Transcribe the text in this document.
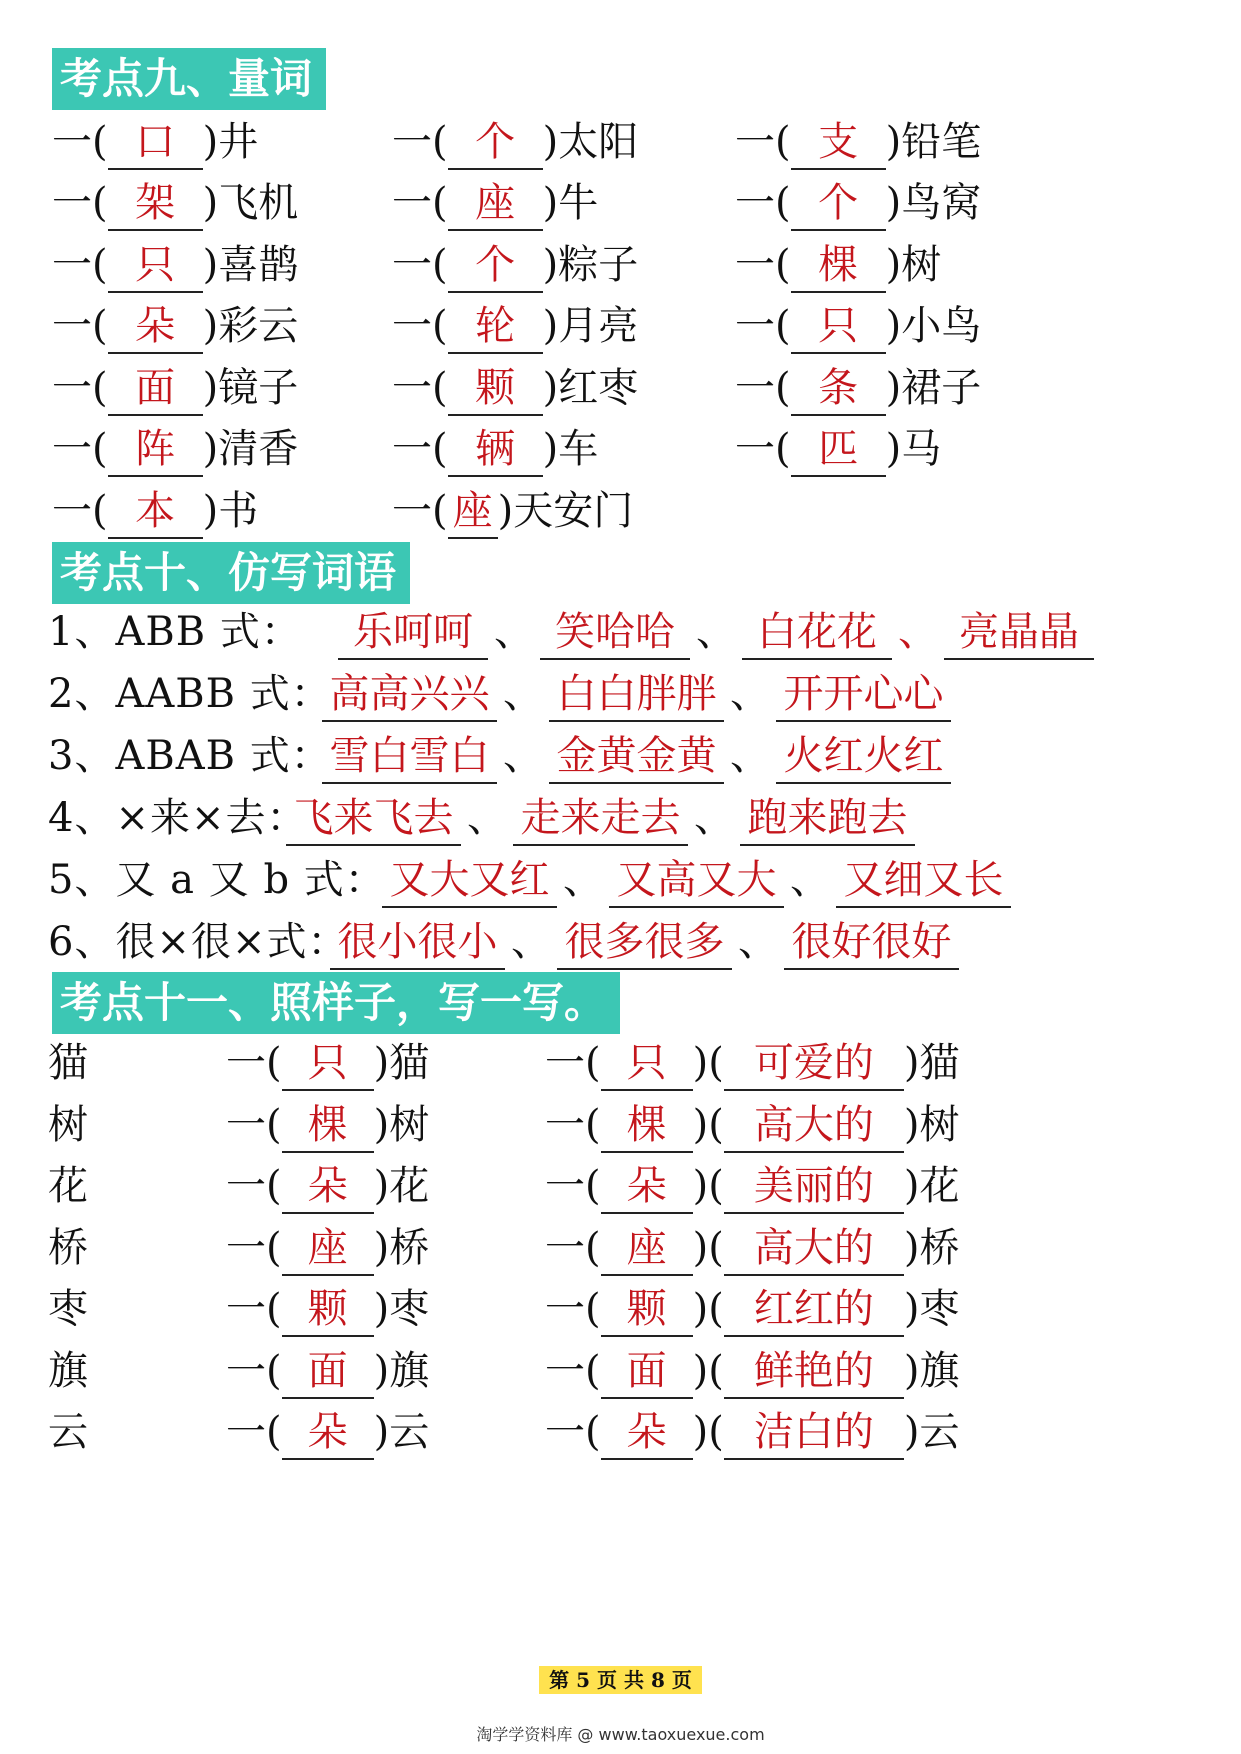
考点九、量词
一( 口 )井	一( 个 )太阳 一( 支 )铅笔
一( 架 )飞机 一( 座 )牛	一( 个 )鸟窝
一( 只 )喜鹊 一( 个 )粽子 一( 棵 )树
一( 朵 )彩云 一( 轮 )月亮 一( 只 )小鸟
一( 面 )镜子 一( 颗 )红枣 一( 条 )裙子
一( 阵 )清香 一( 辆 )车	一( 匹 )马
一( 本 )书	一( 座 )天安门
考点十、仿写词语
1、ABB 式：	乐呵呵 、 笑哈哈 、 白花花 、 亮晶晶
2、AABB 式：
高高兴兴 、 白白胖胖 、 开开心心
3、ABAB 式：
雪白雪白 、 金黄金黄 、 火红火红
4、×来×去：
飞来飞去 、 走来走去 、 跑来跑去
5、又 a 又 b 式： 又大又红 、 又高又大 、 又细又长
6、很×很×式：
很小很小 、 很多很多 、 很好很好
考点十一、照样子，写一写。
猫	一( 只 )猫	一( 只 )( 可爱的 )猫
树	一( 棵 )树	一( 棵 )( 高大的 )树
花	一( 朵 )花	一( 朵 )( 美丽的 )花
桥	一( 座 )桥	一( 座 )( 高大的 )桥
枣	一( 颗 )枣	一( 颗 )( 红红的 )枣
旗	一( 面 )旗	一( 面 )( 鲜艳的 )旗
云	一( 朵 )云	一( 朵 )( 洁白的 )云
第 5 页 共 8 页
淘学学资料库 @ www.taoxuexue.com
